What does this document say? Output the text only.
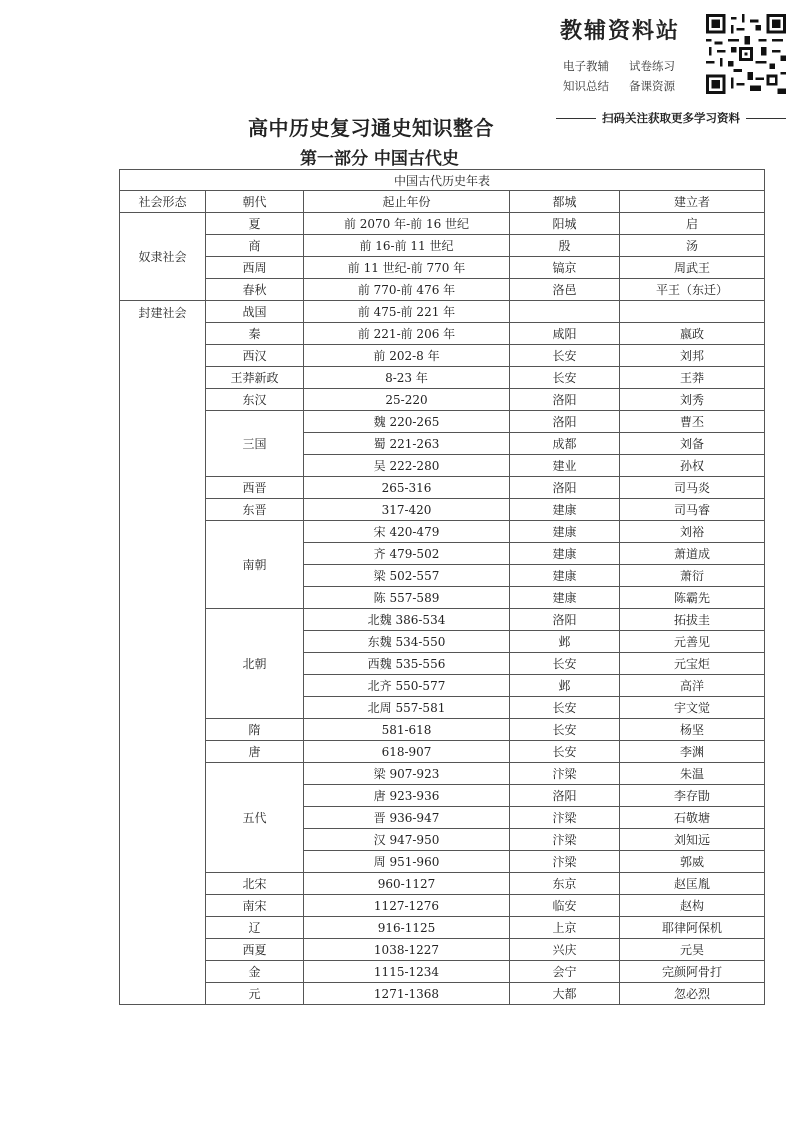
教辅资料站
电子教辅 试卷练习
知识总结 备课资源
扫码关注获取更多学习资料
高中历史复习通史知识整合
第一部分 中国古代史
中国古代历史年表				
社会形态	朝代	起止年份	都城	建立者
奴隶社会	夏	前 2070 年-前 16 世纪	阳城	启
	商	前 16-前 11 世纪	殷	汤
	西周	前 11 世纪-前 770 年	镐京	周武王
	春秋	前 770-前 476 年	洛邑	平王（东迁）
封建社会	战国	前 475-前 221 年		
	秦	前 221-前 206 年	咸阳	嬴政
	西汉	前 202-8 年	长安	刘邦
	王莽新政	8-23 年	长安	王莽
	东汉	25-220	洛阳	刘秀
	三国	魏 220-265	洛阳	曹丕
		蜀 221-263	成都	刘备
		吴 222-280	建业	孙权
	西晋	265-316	洛阳	司马炎
	东晋	317-420	建康	司马睿
	南朝	宋 420-479	建康	刘裕
		齐 479-502	建康	萧道成
		梁 502-557	建康	萧衍
		陈 557-589	建康	陈霸先
	北朝	北魏 386-534	洛阳	拓拔圭
		东魏 534-550	邺	元善见
		西魏 535-556	长安	元宝炬
		北齐 550-577	邺	高洋
		北周 557-581	长安	宇文觉
	隋	581-618	长安	杨坚
	唐	618-907	长安	李渊
	五代	梁 907-923	汴梁	朱温
		唐 923-936	洛阳	李存勖
		晋 936-947	汴梁	石敬塘
		汉 947-950	汴梁	刘知远
		周 951-960	汴梁	郭威
	北宋	960-1127	东京	赵匡胤
	南宋	1127-1276	临安	赵构
	辽	916-1125	上京	耶律阿保机
	西夏	1038-1227	兴庆	元昊
	金	1115-1234	会宁	完颜阿骨打
	元	1271-1368	大都	忽必烈
